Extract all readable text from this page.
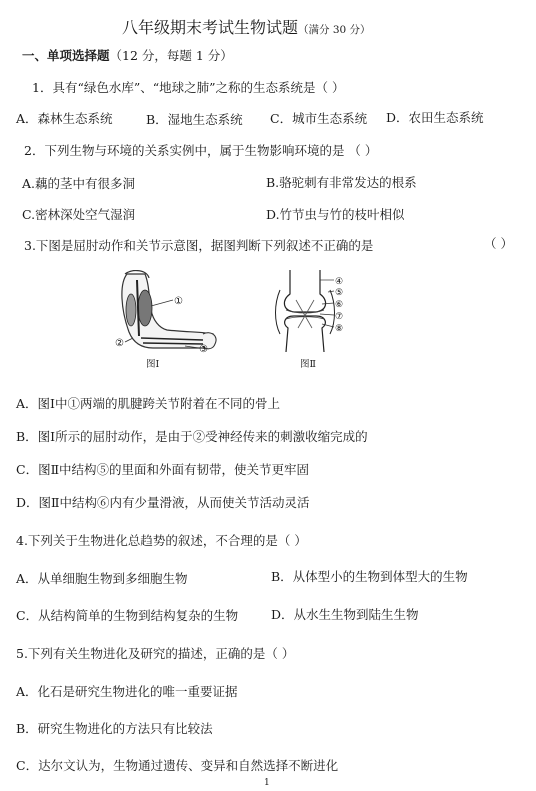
八年级期末考试生物试题（满分 30 分）
一、单项选择题（12 分，每题 1 分）
1．具有“绿色水库”、“地球之肺”之称的生态系统是（ ）
A．森林生态系统	B．湿地生态系统 C．城市生态系统 D．农田生态系统
2．下列生物与环境的关系实例中，属于生物影响环境的是 （ ）
A.藕的茎中有很多洞	B.骆驼刺有非常发达的根系
C.密林深处空气湿润	D.竹节虫与竹的枝叶相似
3.下图是屈肘动作和关节示意图，据图判断下列叙述不正确的是	（ ）
①
②
③
图Ⅰ
④
⑤
⑥
⑦
⑧
图Ⅱ
A．图Ⅰ中①两端的肌腱跨关节附着在不同的骨上
B．图Ⅰ所示的屈肘动作，是由于②受神经传来的刺激收缩完成的
C．图Ⅱ中结构⑤的里面和外面有韧带，使关节更牢固
D．图Ⅱ中结构⑥内有少量滑液，从而使关节活动灵活
4.下列关于生物进化总趋势的叙述，不合理的是（ ）
A．从单细胞生物到多细胞生物	B．从体型小的生物到体型大的生物
C．从结构简单的生物到结构复杂的生物	D．从水生生物到陆生生物
5.下列有关生物进化及研究的描述，正确的是（ ）
A．化石是研究生物进化的唯一重要证据
B．研究生物进化的方法只有比较法
C．达尔文认为，生物通过遗传、变异和自然选择不断进化
1
